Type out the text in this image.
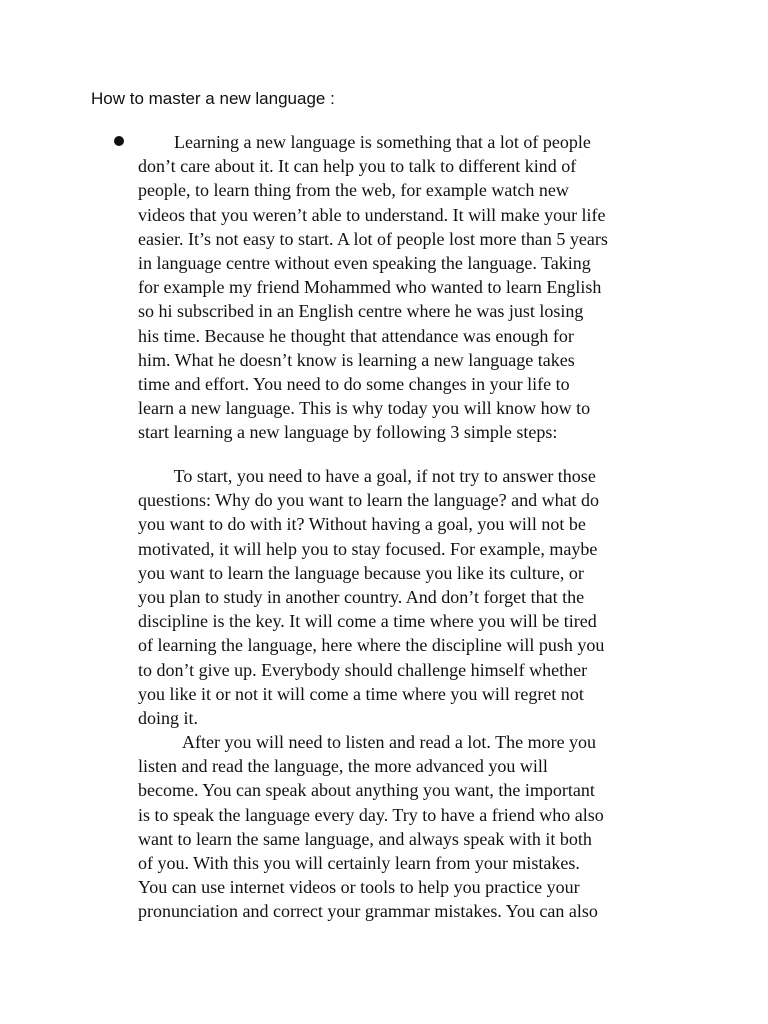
How to master a new language :
Learning a new language is something that a lot of people
don’t care about it. It can help you to talk to different kind of
people, to learn thing from the web, for example watch new
videos that you weren’t able to understand. It will make your life
easier. It’s not easy to start. A lot of people lost more than 5 years
in language centre without even speaking the language. Taking
for example my friend Mohammed who wanted to learn English
so hi subscribed in an English centre where he was just losing
his time. Because he thought that attendance was enough for
him. What he doesn’t know is learning a new language takes
time and effort. You need to do some changes in your life to
learn a new language. This is why today you will know how to
start learning a new language by following 3 simple steps:
To start, you need to have a goal, if not try to answer those
questions: Why do you want to learn the language? and what do
you want to do with it? Without having a goal, you will not be
motivated, it will help you to stay focused. For example, maybe
you want to learn the language because you like its culture, or
you plan to study in another country. And don’t forget that the
discipline is the key. It will come a time where you will be tired
of learning the language, here where the discipline will push you
to don’t give up. Everybody should challenge himself whether
you like it or not it will come a time where you will regret not
doing it.
After you will need to listen and read a lot. The more you
listen and read the language, the more advanced you will
become. You can speak about anything you want, the important
is to speak the language every day. Try to have a friend who also
want to learn the same language, and always speak with it both
of you. With this you will certainly learn from your mistakes.
You can use internet videos or tools to help you practice your
pronunciation and correct your grammar mistakes. You can also
